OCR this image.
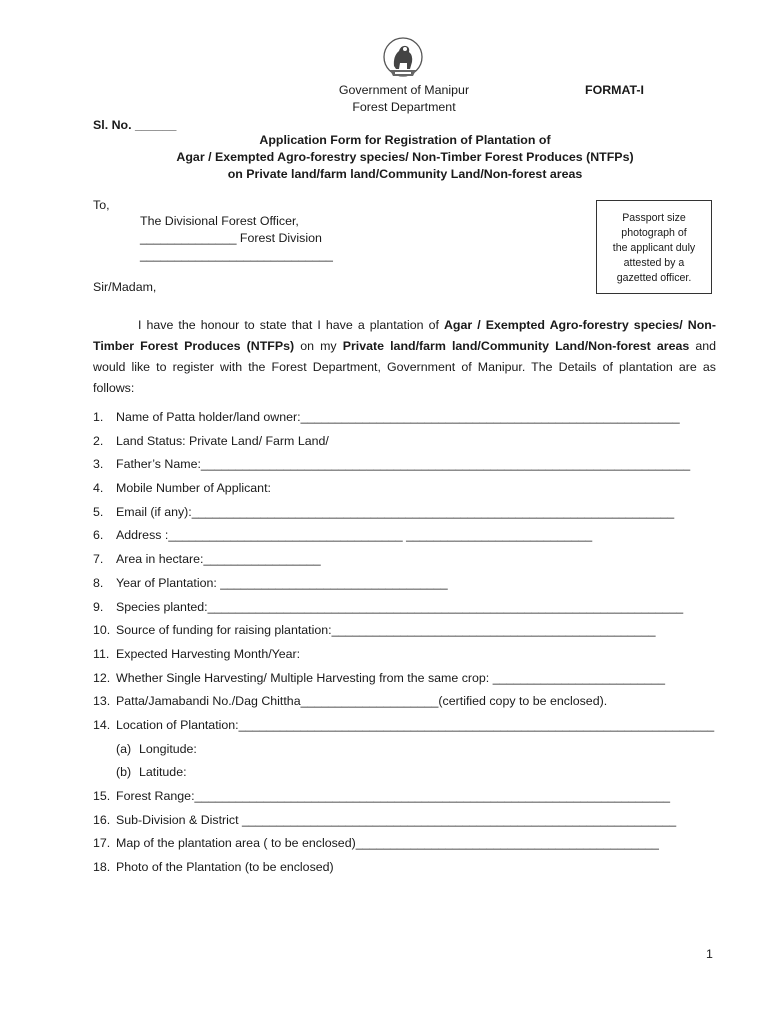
Government of Manipur
Forest Department
FORMAT-I
Sl. No. ______
Application Form for Registration of Plantation of
Agar / Exempted Agro-forestry species/ Non-Timber Forest Produces (NTFPs)
on Private land/farm land/Community Land/Non-forest areas
To,
The Divisional Forest Officer,
______________ Forest Division
____________________________
Sir/Madam,
Passport size
photograph of
the applicant duly
attested by a
gazetted officer.
I have the honour to state that I have a plantation of Agar / Exempted Agro-forestry species/ Non-Timber Forest Produces (NTFPs) on my Private land/farm land/Community Land/Non-forest areas and would like to register with the Forest Department, Government of Manipur. The Details of plantation are as follows:
1. Name of Patta holder/land owner:_______________________________________________________
2. Land Status: Private Land/ Farm Land/
3. Father’s Name:_______________________________________________________________________
4. Mobile Number of Applicant:
5. Email (if any):______________________________________________________________________
6. Address :__________________________________ ___________________________
7. Area in hectare:_________________
8. Year of Plantation: _________________________________
9. Species planted:_____________________________________________________________________
10. Source of funding for raising plantation:_______________________________________________
11. Expected Harvesting Month/Year:
12. Whether Single Harvesting/ Multiple Harvesting from the same crop: _________________________
13. Patta/Jamabandi No./Dag Chittha____________________(certified copy to be enclosed).
14. Location of Plantation:_____________________________________________________________________
(a) Longitude:
(b) Latitude:
15. Forest Range:_____________________________________________________________________
16. Sub-Division & District _______________________________________________________________
17. Map of the plantation area ( to be enclosed)____________________________________________
18. Photo of the Plantation (to be enclosed)
1
